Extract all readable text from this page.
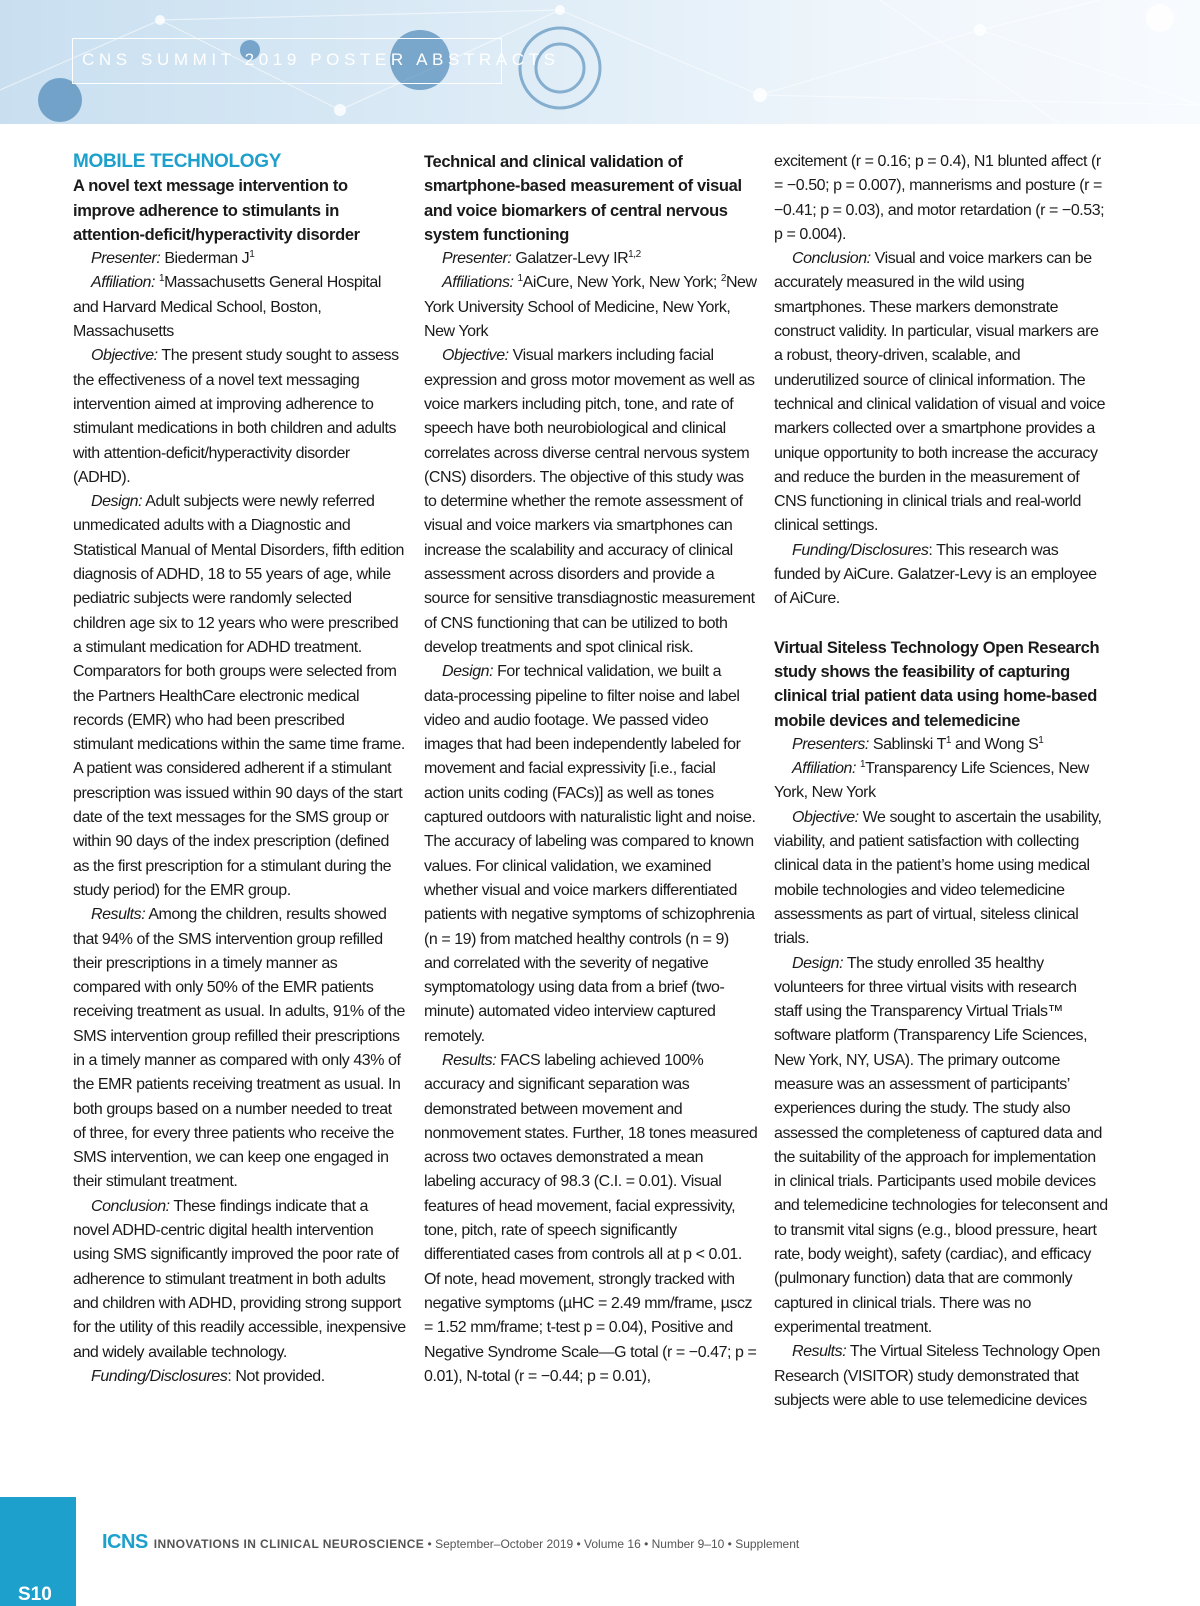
CNS SUMMIT 2019 POSTER ABSTRACTS

MOBILE TECHNOLOGY

A novel text message intervention to improve adherence to stimulants in attention-deficit/hyperactivity disorder

Presenter: Biederman $J^1$

Affiliation: $^1$Massachusetts General Hospital and Harvard Medical School, Boston, Massachusetts

Objective: The present study sought to assess the effectiveness of a novel text messaging intervention aimed at improving adherence to stimulant medications in both children and adults with attention-deficit/hyperactivity disorder (ADHD).

Design: Adult subjects were newly referred unmedicated adults with a Diagnostic and Statistical Manual of Mental Disorders, fifth edition diagnosis of ADHD, 18 to 55 years of age, while pediatric subjects were randomly selected children age six to 12 years who were prescribed a stimulant medication for ADHD treatment. Comparators for both groups were selected from the Partners HealthCare electronic medical records (EMR) who had been prescribed stimulant medications within the same time frame. A patient was considered adherent if a stimulant prescription was issued within 90 days of the start date of the text messages for the SMS group or within 90 days of the index prescription (defined as the first prescription for a stimulant during the study period) for the EMR group.

Results: Among the children, results showed that 94% of the SMS intervention group refilled their prescriptions in a timely manner as compared with only 50% of the EMR patients receiving treatment as usual. In adults, 91% of the SMS intervention group refilled their prescriptions in a timely manner as compared with only 43% of the EMR patients receiving treatment as usual. In both groups based on a number needed to treat of three, for every three patients who receive the SMS intervention, we can keep one engaged in their stimulant treatment.

Conclusion: These findings indicate that a novel ADHD-centric digital health intervention using SMS significantly improved the poor rate of adherence to stimulant treatment in both adults and children with ADHD, providing strong support for the utility of this readily accessible, inexpensive and widely available technology.

Funding/Disclosures: Not provided.

Technical and clinical validation of smartphone-based measurement of visual and voice biomarkers of central nervous system functioning

Presenter: Galatzer-Levy IR$^{1,2}$

Affiliations: $^1$AiCure, New York, New York; $^2$New York University School of Medicine, New York, New York

Objective: Visual markers including facial expression and gross motor movement as well as voice markers including pitch, tone, and rate of speech have both neurobiological and clinical correlates across diverse central nervous system (CNS) disorders. The objective of this study was to determine whether the remote assessment of visual and voice markers via smartphones can increase the scalability and accuracy of clinical assessment across disorders and provide a source for sensitive transdiagnostic measurement of CNS functioning that can be utilized to both develop treatments and spot clinical risk.

Design: For technical validation, we built a data-processing pipeline to filter noise and label video and audio footage. We passed video images that had been independently labeled for movement and facial expressivity [i.e., facial action units coding (FACs)] as well as tones captured outdoors with naturalistic light and noise. The accuracy of labeling was compared to known values. For clinical validation, we examined whether visual and voice markers differentiated patients with negative symptoms of schizophrenia (n = 19) from matched healthy controls (n = 9) and correlated with the severity of negative symptomatology using data from a brief (two-minute) automated video interview captured remotely.

Results: FACS labeling achieved 100% accuracy and significant separation was demonstrated between movement and nonmovement states. Further, 18 tones measured across two octaves demonstrated a mean labeling accuracy of 98.3 (C.I. = 0.01). Visual features of head movement, facial expressivity, tone, pitch, rate of speech significantly differentiated cases from controls all at p < 0.01. Of note, head movement, strongly tracked with negative symptoms (µHC = 2.49 mm/frame, µscz = 1.52 mm/frame; t-test p = 0.04), Positive and Negative Syndrome Scale—G total (r = −0.47; p = 0.01), N-total (r = −0.44; p = 0.01),

excitement (r = 0.16; p = 0.4), N1 blunted affect (r = −0.50; p = 0.007), mannerisms and posture (r = −0.41; p = 0.03), and motor retardation (r = −0.53; p = 0.004).

Conclusion: Visual and voice markers can be accurately measured in the wild using smartphones. These markers demonstrate construct validity. In particular, visual markers are a robust, theory-driven, scalable, and underutilized source of clinical information. The technical and clinical validation of visual and voice markers collected over a smartphone provides a unique opportunity to both increase the accuracy and reduce the burden in the measurement of CNS functioning in clinical trials and real-world clinical settings.

Funding/Disclosures: This research was funded by AiCure. Galatzer-Levy is an employee of AiCure.

Virtual Siteless Technology Open Research study shows the feasibility of capturing clinical trial patient data using home-based mobile devices and telemedicine

Presenters: Sablinski $T^1$ and Wong $S^1$

Affiliation: $^1$Transparency Life Sciences, New York, New York

Objective: We sought to ascertain the usability, viability, and patient satisfaction with collecting clinical data in the patient’s home using medical mobile technologies and video telemedicine assessments as part of virtual, siteless clinical trials.

Design: The study enrolled 35 healthy volunteers for three virtual visits with research staff using the Transparency Virtual Trials™ software platform (Transparency Life Sciences, New York, NY, USA). The primary outcome measure was an assessment of participants’ experiences during the study. The study also assessed the completeness of captured data and the suitability of the approach for implementation in clinical trials. Participants used mobile devices and telemedicine technologies for teleconsent and to transmit vital signs (e.g., blood pressure, heart rate, body weight), safety (cardiac), and efficacy (pulmonary function) data that are commonly captured in clinical trials. There was no experimental treatment.

Results: The Virtual Siteless Technology Open Research (VISITOR) study demonstrated that subjects were able to use telemedicine devices

S10
ICNS INNOVATIONS IN CLINICAL NEUROSCIENCE • September–October 2019 • Volume 16 • Number 9–10 • Supplement
